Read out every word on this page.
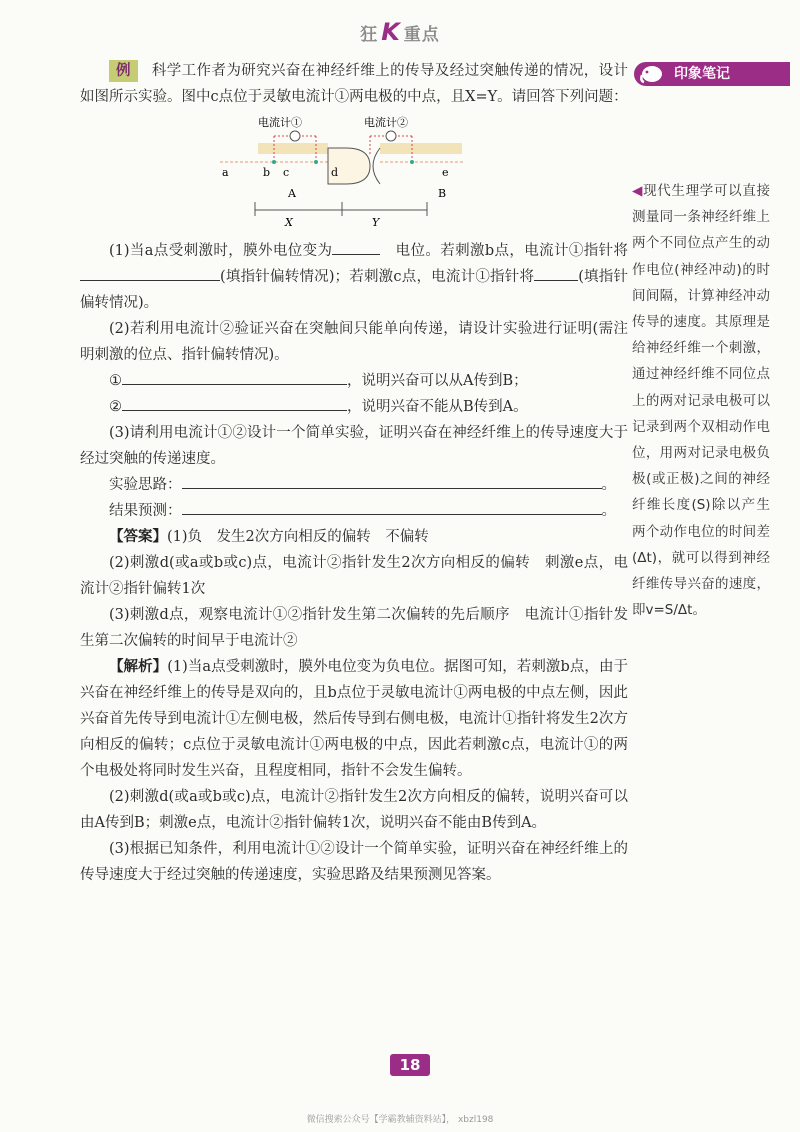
狂 K 重点

例 科学工作者为研究兴奋在神经纤维上的传导及经过突触传递的情况，设计如图所示实验。图中c点位于灵敏电流计①两电极的中点，且X=Y。请回答下列问题：

电流计①	电流计②
a	b c	d	e
A	B
X	Y

(1)当a点受刺激时，膜外电位变为　	电位。若刺激b点，电流计①指针将(填指针偏转情况)；若刺激c点，电流计①指针将	(填指针偏转情况)。

(2)若利用电流计②验证兴奋在突触间只能单向传递，请设计实验进行证明(需注明刺激的位点、指针偏转情况)。

①	，说明兴奋可以从A传到B；

②	，说明兴奋不能从B传到A。

(3)请利用电流计①②设计一个简单实验，证明兴奋在神经纤维上的传导速度大于经过突触的传递速度。

实验思路：	。

结果预测：	。

【答案】(1)负　发生2次方向相反的偏转　不偏转

(2)刺激d(或a或b或c)点，电流计②指针发生2次方向相反的偏转　刺激e点，电流计②指针偏转1次

(3)刺激d点，观察电流计①②指针发生第二次偏转的先后顺序　电流计①指针发生第二次偏转的时间早于电流计②

【解析】(1)当a点受刺激时，膜外电位变为负电位。据图可知，若刺激b点，由于兴奋在神经纤维上的传导是双向的，且b点位于灵敏电流计①两电极的中点左侧，因此兴奋首先传导到电流计①左侧电极，然后传导到右侧电极，电流计①指针将发生2次方向相反的偏转；c点位于灵敏电流计①两电极的中点，因此若刺激c点，电流计①的两个电极处将同时发生兴奋，且程度相同，指针不会发生偏转。

(2)刺激d(或a或b或c)点，电流计②指针发生2次方向相反的偏转，说明兴奋可以由A传到B；刺激e点，电流计②指针偏转1次，说明兴奋不能由B传到A。

(3)根据已知条件，利用电流计①②设计一个简单实验，证明兴奋在神经纤维上的传导速度大于经过突触的传递速度，实验思路及结果预测见答案。

印象笔记
◀现代生理学可以直接测量同一条神经纤维上两个不同位点产生的动作电位(神经冲动)的时间间隔，计算神经冲动传导的速度。其原理是给神经纤维一个刺激，通过神经纤维不同位点上的两对记录电极可以记录到两个双相动作电位，用两对记录电极负极(或正极)之间的神经纤维长度(S)除以产生两个动作电位的时间差(Δt)，就可以得到神经纤维传导兴奋的速度，即v=S/Δt。
18
微信搜索公众号【学霸教辅资料站】， xbzl198
